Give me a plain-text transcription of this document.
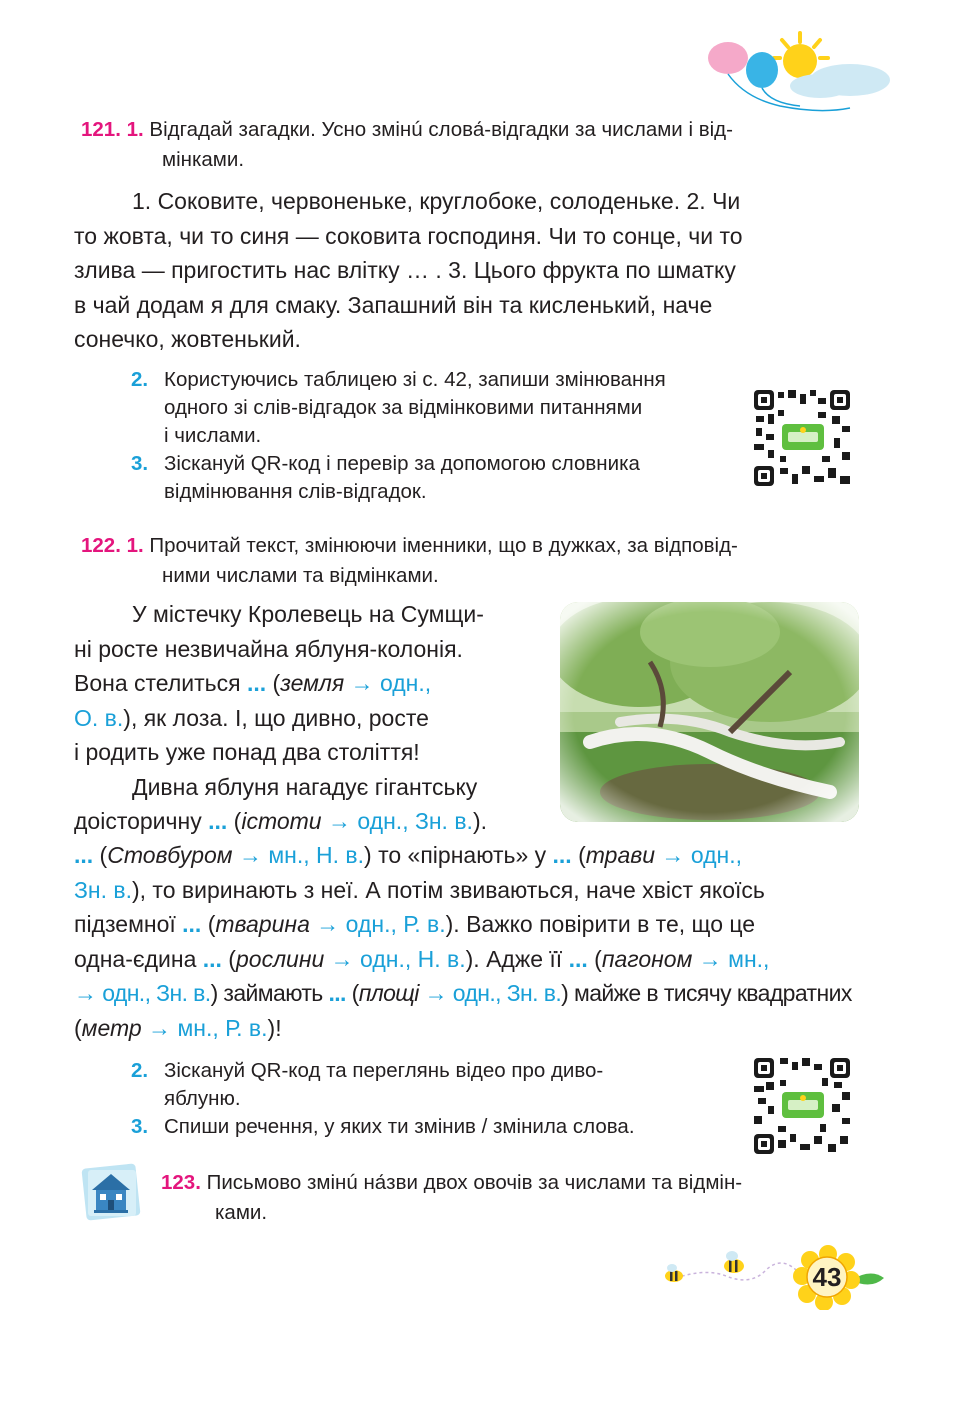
121. 1. Відгадай загадки. Усно змінú слова́-відгадки за числами і від-
мінками.

1. Соковите, червоненьке, круглобоке, солоденьке. 2. Чи

то жовта, чи то синя — соковита господиня. Чи то сонце, чи то

злива — пригостить нас влітку … . 3. Цього фрукта по шматку

в чай додам я для смаку. Запашний він та кисленький, наче

сонечко, жовтенький.

2. Користуючись таблицею зі с. 42, запиши змінювання
одного зі слів-відгадок за відмінковими питаннями
і числами.
3. Зіскануй QR-код і перевір за допомогою словника
відмінювання слів-відгадок.
122. 1. Прочитай текст, змінюючи іменники, що в дужках, за відповід-
ними числами та відмінками.

У містечку Кролевець на Сумщи-

ні росте незвичайна яблуня-колонія.

Вона стелиться ... (земля → одн.,

О. в.), як лоза. І, що дивно, росте

і родить уже понад два століття!

Дивна яблуня нагадує гігантську

доісторичну ... (істоти → одн., Зн. в.).

... (Стовбуром → мн., Н. в.) то «пірнають» у ... (трави → одн.,

Зн. в.), то виринають з неї. А потім звиваються, наче хвіст якоїсь

підземної ... (тварина → одн., Р. в.). Важко повірити в те, що це

одна-єдина ... (рослини → одн., Н. в.). Адже її ... (пагоном → мн.,

→ одн., Зн. в.) займають ... (площі → одн., Зн. в.) майже в тисячу квадратних

(метр → мн., Р. в.)!

2. Зіскануй QR-код та переглянь відео про диво-
яблуню.
3. Спиши речення, у яких ти змінив / змінила слова.
123. Письмово змінú на́зви двох овочів за числами та відмін-
ками.
43
